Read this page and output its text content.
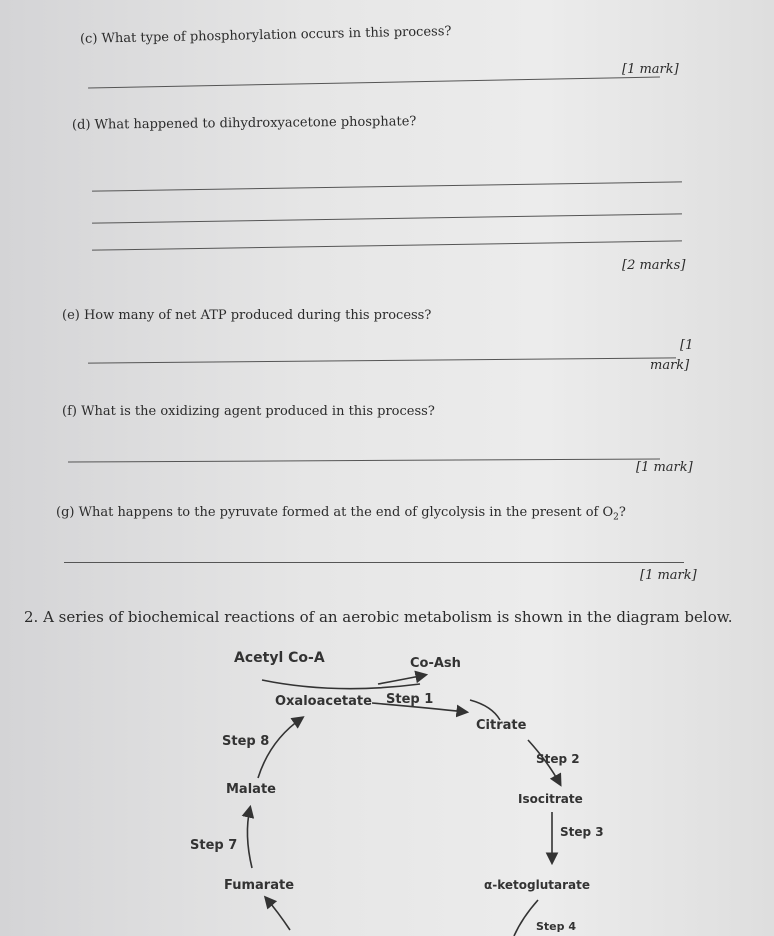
(c) What type of phosphorylation occurs in this process?
[1 mark]
(d) What happened to dihydroxyacetone phosphate?
[2 marks]
(e) How many of net ATP produced during this process?
[1
mark]
(f) What is the oxidizing agent produced in this process?
[1 mark]
(g) What happens to the pyruvate formed at the end of glycolysis in the present of $O_2$?
[1 mark]
2. A series of biochemical reactions of an aerobic metabolism is shown in the diagram below.
Acetyl Co-A	Co-Ash
Oxaloacetate Step 1
Citrate
Step 8
Step 2
Malate
Isocitrate
Step 3
Step 7
Fumarate	α-ketoglutarate
Step 4
